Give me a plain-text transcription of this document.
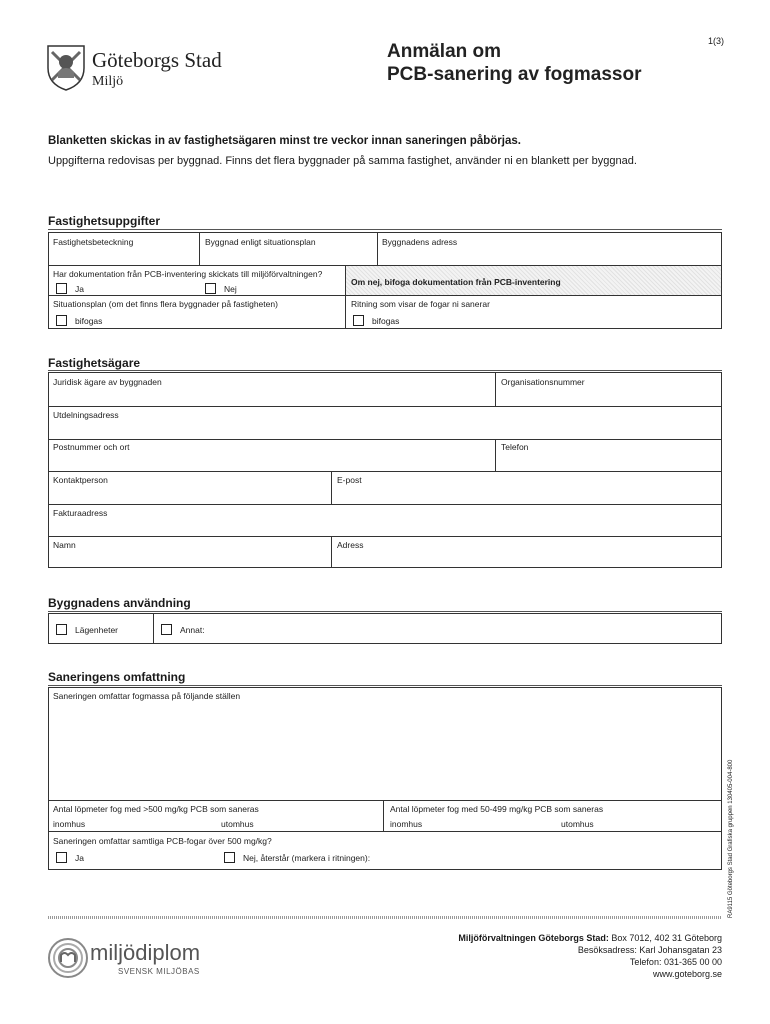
1(3)
Göteborgs Stad
Miljö
Anmälan om
PCB-sanering av fogmassor
Blanketten skickas in av fastighetsägaren minst tre veckor innan saneringen påbörjas.
Uppgifterna redovisas per byggnad. Finns det flera byggnader på samma fastighet, använder ni en blankett per byggnad.
Fastighetsuppgifter
Fastighetsbeteckning	Byggnad enligt situationsplan	Byggnadens adress
Har dokumentation från PCB-inventering skickats till miljöförvaltningen?
Ja	Nej
Om nej, bifoga dokumentation från PCB-inventering
Situationsplan (om det finns flera byggnader på fastigheten)
bifogas
Ritning som visar de fogar ni sanerar
bifogas
Fastighetsägare
Juridisk ägare av byggnaden	Organisationsnummer
Utdelningsadress
Postnummer och ort	Telefon
Kontaktperson	E-post
Fakturaadress
Namn	Adress
Byggnadens användning
Lägenheter	Annat:
Saneringens omfattning
Saneringen omfattar fogmassa på följande ställen
Antal löpmeter fog med >500 mg/kg PCB som saneras
inomhus	utomhus
Antal löpmeter fog med 50-499 mg/kg PCB som saneras
inomhus	utomhus
Saneringen omfattar samtliga PCB-fogar över 500 mg/kg?
Ja	Nej, återstår (markera i ritningen):	RA9115 Göteborgs Stad Grafiska gruppen 130405-004-800
miljödiplom
SVENSK MILJÖBAS
Miljöförvaltningen Göteborgs Stad: Box 7012, 402 31 Göteborg
Besöksadress: Karl Johansgatan 23
Telefon: 031-365 00 00
www.goteborg.se
